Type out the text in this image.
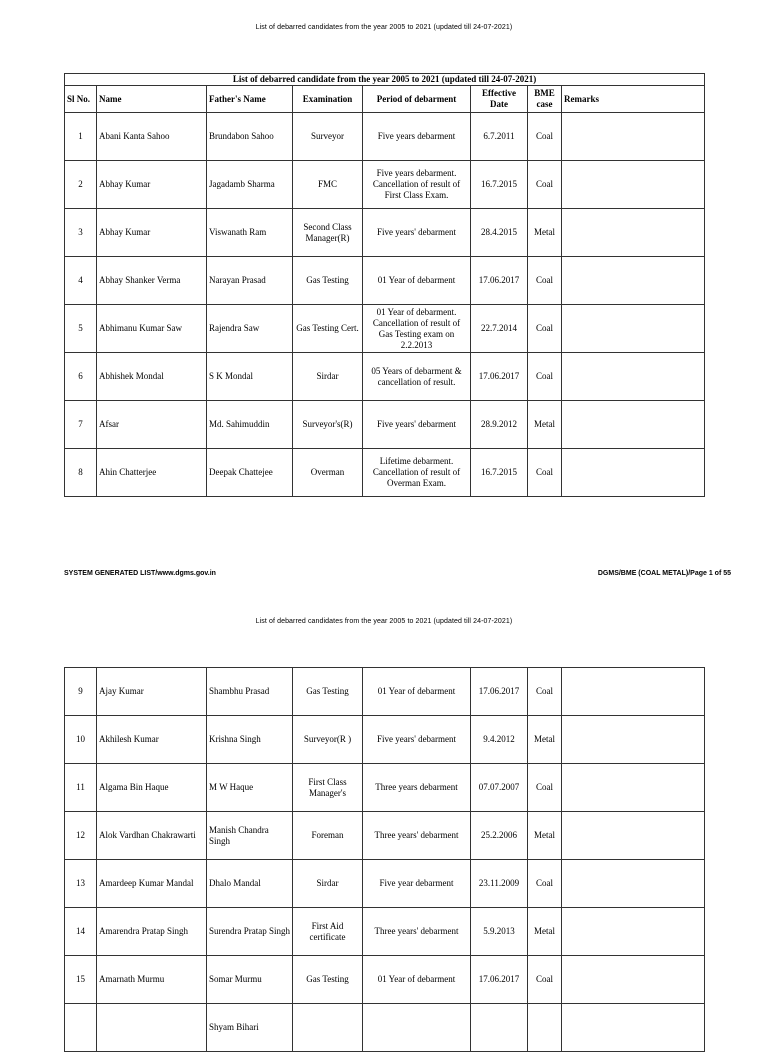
List of debarred candidates from the year 2005 to 2021 (updated till 24-07-2021)
List of debarred candidate from the year 2005 to 2021 (updated till 24-07-2021)							
Sl No.	Name	Father's Name	Examination	Period of debarment	Effective Date	BME case	Remarks
1	Abani Kanta Sahoo	Brundabon Sahoo	Surveyor	Five years debarment	6.7.2011	Coal	
2	Abhay Kumar	Jagadamb Sharma	FMC	Five years debarment. Cancellation of result of First Class Exam.	16.7.2015	Coal	
3	Abhay Kumar	Viswanath Ram	Second Class Manager(R)	Five years' debarment	28.4.2015	Metal	
4	Abhay Shanker Verma	Narayan Prasad	Gas Testing	01 Year of debarment	17.06.2017	Coal	
5	Abhimanu Kumar Saw	Rajendra Saw	Gas Testing Cert.	01 Year of debarment. Cancellation of result of Gas Testing exam on 2.2.2013	22.7.2014	Coal	
6	Abhishek Mondal	S K Mondal	Sirdar	05 Years of debarment & cancellation of result.	17.06.2017	Coal	
7	Afsar	Md. Sahimuddin	Surveyor's(R)	Five years' debarment	28.9.2012	Metal	
8	Ahin Chatterjee	Deepak Chattejee	Overman	Lifetime debarment. Cancellation of result of Overman Exam.	16.7.2015	Coal	
SYSTEM GENERATED LIST/www.dgms.gov.in	DGMS/BME (COAL METAL)/Page 1 of 55
List of debarred candidates from the year 2005 to 2021 (updated till 24-07-2021)
9	Ajay Kumar	Shambhu Prasad	Gas Testing	01 Year of debarment	17.06.2017	Coal	
10	Akhilesh Kumar	Krishna Singh	Surveyor(R )	Five years' debarment	9.4.2012	Metal	
11	Algama Bin Haque	M W Haque	First Class Manager's	Three years debarment	07.07.2007	Coal	
12	Alok Vardhan Chakrawarti	Manish Chandra Singh	Foreman	Three years' debarment	25.2.2006	Metal	
13	Amardeep Kumar Mandal	Dhalo Mandal	Sirdar	Five year debarment	23.11.2009	Coal	
14	Amarendra Pratap Singh	Surendra Pratap Singh	First Aid certificate	Three years' debarment	5.9.2013	Metal	
15	Amarnath Murmu	Somar Murmu	Gas Testing	01 Year of debarment	17.06.2017	Coal	
		Shyam Bihari					
